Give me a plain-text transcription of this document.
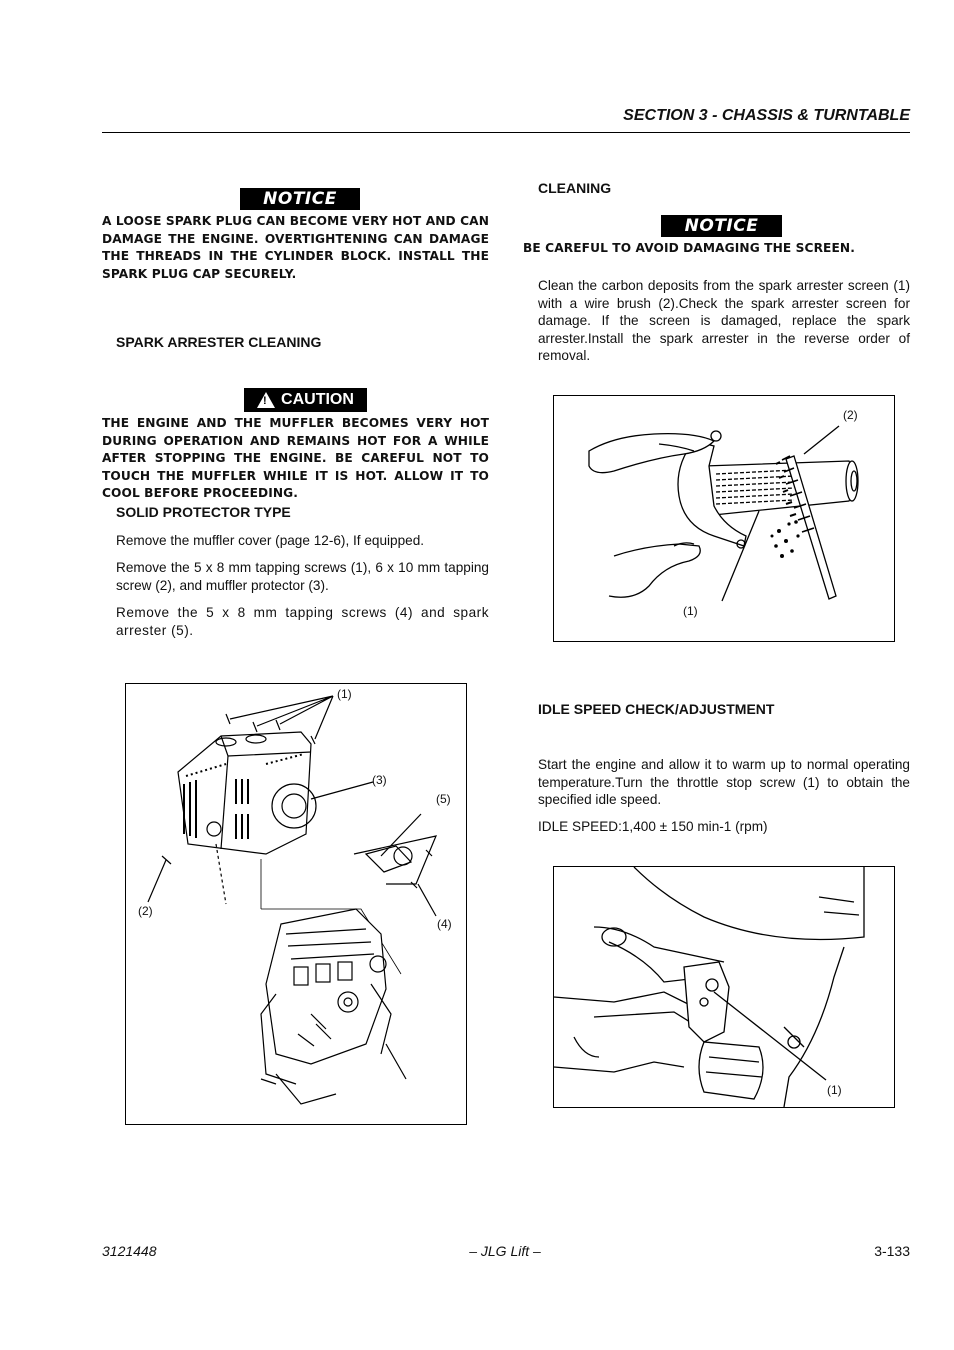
SECTION 3 - CHASSIS & TURNTABLE
NOTICE
A LOOSE SPARK PLUG CAN BECOME VERY HOT AND CAN DAMAGE THE ENGINE. OVERTIGHTENING CAN DAMAGE THE THREADS IN THE CYLINDER BLOCK. INSTALL THE SPARK PLUG CAP SECURELY.
SPARK ARRESTER CLEANING
! CAUTION
THE ENGINE AND THE MUFFLER BECOMES VERY HOT DURING OPERATION AND REMAINS HOT FOR A WHILE AFTER STOPPING THE ENGINE. BE CAREFUL NOT TO TOUCH THE MUFFLER WHILE IT IS HOT. ALLOW IT TO COOL BEFORE PROCEEDING.
SOLID PROTECTOR TYPE
Remove the muffler cover (page 12-6), If equipped.
Remove the 5 x 8 mm tapping screws (1), 6 x 10 mm tapping screw (2), and muffler protector (3).
Remove the 5 x 8 mm tapping screws (4) and spark arrester (5).
(1)
(3)
(5)
(2)
(4)
CLEANING
NOTICE
BE CAREFUL TO AVOID DAMAGING THE SCREEN.
Clean the carbon deposits from the spark arrester screen (1) with a wire brush (2).Check the spark arrester screen for damage. If the screen is damaged, replace the spark arrester.Install the spark arrester in the reverse order of removal.
(2)
(1)
IDLE SPEED CHECK/ADJUSTMENT
Start the engine and allow it to warm up to normal operating temperature.Turn the throttle stop screw (1) to obtain the specified idle speed.
IDLE SPEED:1,400 ± 150 min-1 (rpm)
(1)
3121448	– JLG Lift –	3-133
